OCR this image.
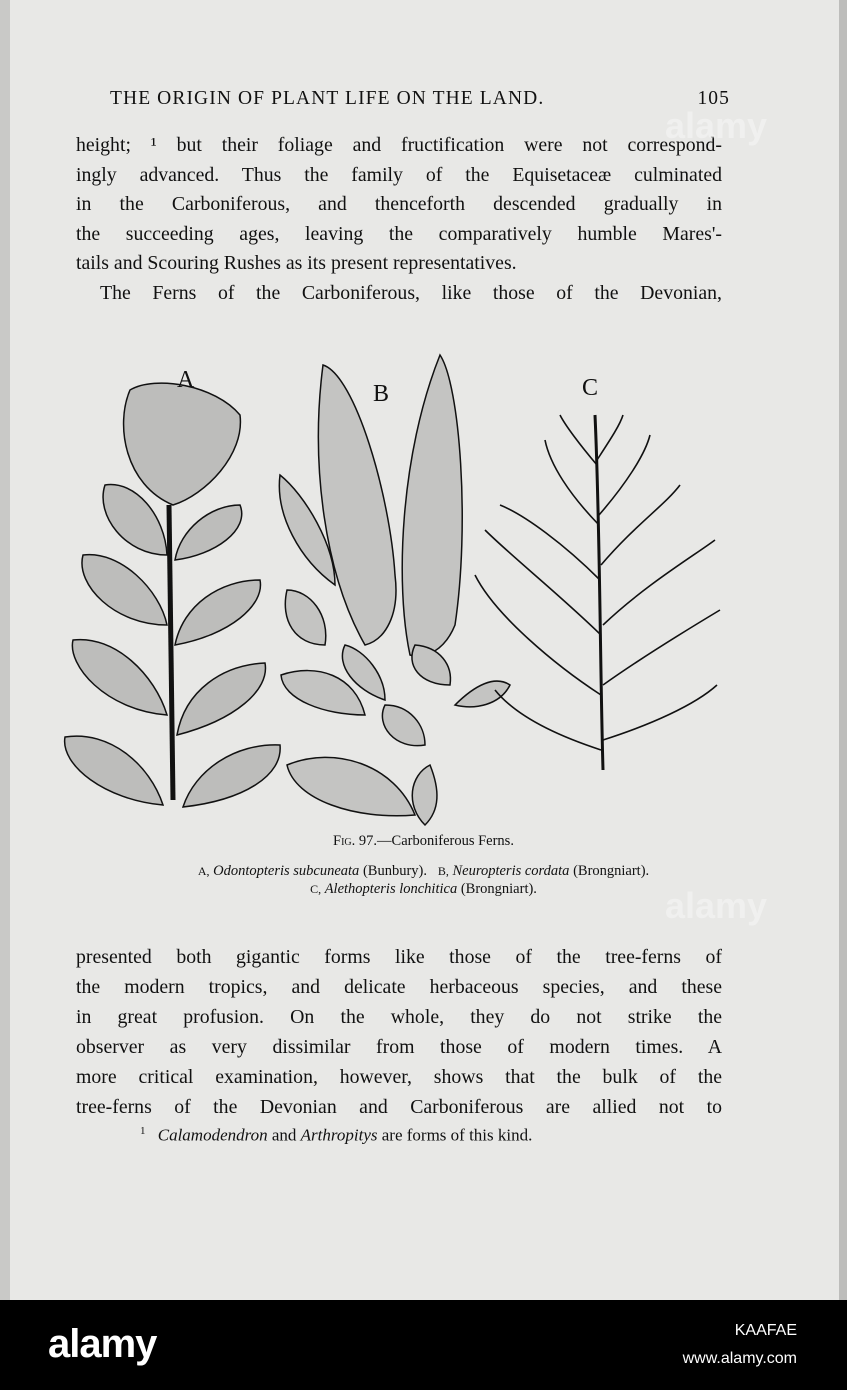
THE ORIGIN OF PLANT LIFE ON THE LAND.	105
height; ¹ but their foliage and fructification were not correspond-
ingly advanced. Thus the family of the Equisetaceæ culminated
in the Carboniferous, and thenceforth descended gradually in
the succeeding ages, leaving the comparatively humble Mares'-
tails and Scouring Rushes as its present representatives.
The Ferns of the Carboniferous, like those of the Devonian,
A
B	C
Fig. 97.—Carboniferous Ferns.
A, Odontopteris subcuneata (Bunbury). B, Neuropteris cordata (Brongniart).
C, Alethopteris lonchitica (Brongniart).
presented both gigantic forms like those of the tree-ferns of
the modern tropics, and delicate herbaceous species, and these
in great profusion. On the whole, they do not strike the
observer as very dissimilar from those of modern times. A
more critical examination, however, shows that the bulk of the
tree-ferns of the Devonian and Carboniferous are allied not to
$^1$ Calamodendron and Arthropitys are forms of this kind.
alamy
alamy
alamy	KAAFAE
www.alamy.com
